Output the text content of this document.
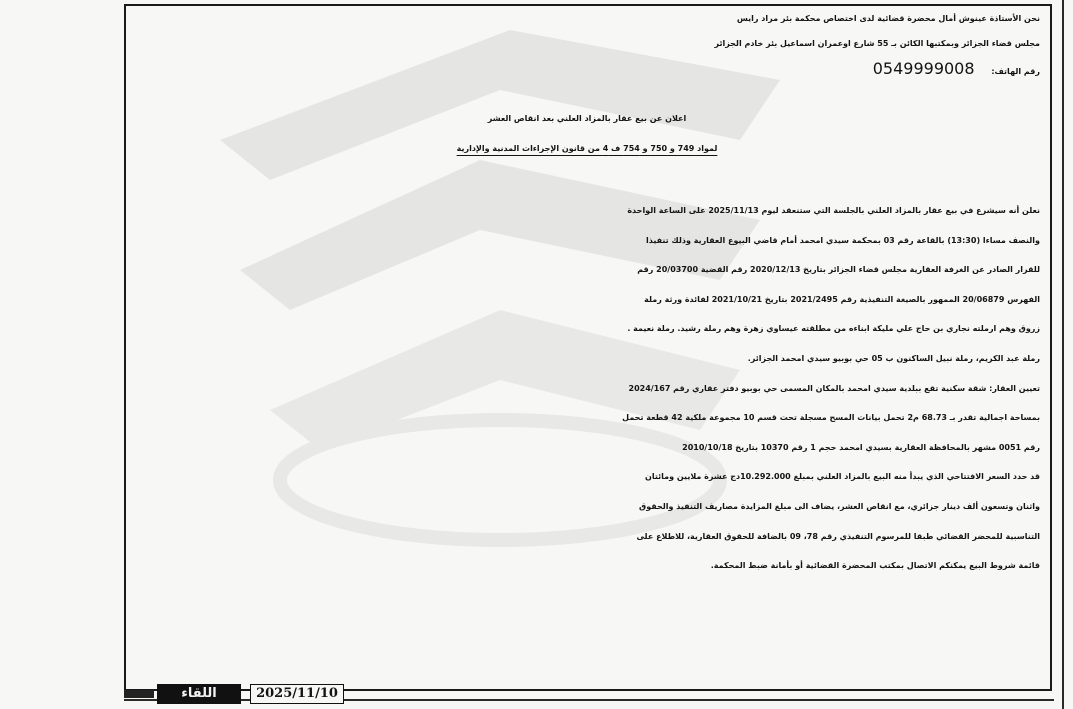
نحن الأستاذة عينوش أمال محضرة قضائية لدى اختصاص محكمة بئر مراد رايس
مجلس قضاء الجزائر وبمكتبها الكائن بـ 55 شارع اوعمران اسماعيل بئر خادم الجزائر
رقم الهاتف: 0549999008
اعلان عن بيع عقار بالمزاد العلني بعد انقاص العشر
لمواد 749 و 750 و 754 ف 4 من قانون الإجراءات المدنية والإدارية
نعلن أنه سيشرع في بيع عقار بالمزاد العلني بالجلسة التي ستنعقد ليوم 2025/11/13 على الساعة الواحدة
والنصف مساءا (13:30) بالقاعة رقم 03 بمحكمة سيدي امحمد أمام قاضي البيوع العقارية وذلك تنفيذا
للقرار الصادر عن الغرفة العقارية مجلس قضاء الجزائر بتاريخ 2020/12/13 رقم القضية 20/03700 رقم
الفهرس 20/06879 الممهور بالصيغة التنفيذية رقم 2021/2495 بتاريخ 2021/10/21 لفائدة ورثة رملة
زروق وهم ارملته نجاري بن حاج علي مليكة ابناءه من مطلقته عيساوي زهرة وهم رملة رشيد. رملة نعيمة .
رملة عبد الكريم، رملة نبيل الساكنون ب 05 حي بوبيو سيدي امحمد الجزائر.
تعيين العقار: شقة سكنية تقع ببلدية سيدي امحمد بالمكان المسمى حي بوبيو دفتر عقاري رقم 2024/167
بمساحة اجمالية تقدر بـ 68.73 م2 تحمل بيانات المسح مسجلة تحت قسم 10 مجموعة ملكية 42 قطعة تحمل
رقم 0051 مشهر بالمحافظة العقارية بسيدي امحمد حجم 1 رقم 10370 بتاريخ 2010/10/18
قد حدد السعر الافتتاحي الذي يبدأ منه البيع بالمزاد العلني بمبلغ 10.292.000دج عشرة ملايين ومائتان
واثنان وتسعون ألف دينار جزائري، مع انقاص العشر، يضاف الى مبلغ المزايدة مصاريف التنفيذ والحقوق
التناسبية للمحضر القضائي طبقا للمرسوم التنفيذي رقم 78، 09 بالضافة للحقوق العقارية، للاطلاع على
قائمة شروط البيع يمكنكم الاتصال بمكتب المحضرة القضائية أو بأمانة ضبط المحكمة.
اللقاء	2025/11/10
